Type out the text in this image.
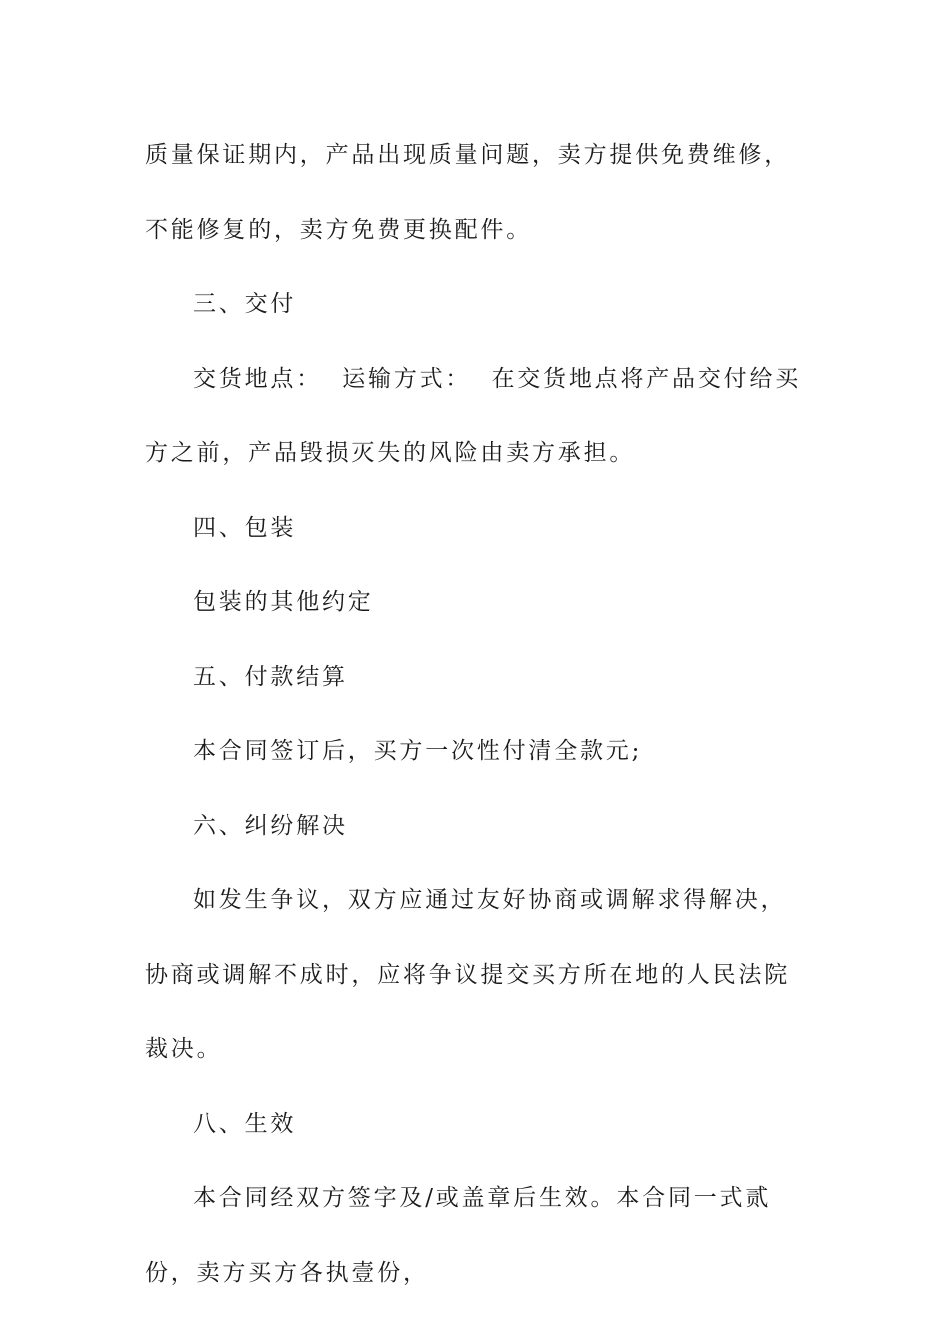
质量保证期内，产品出现质量问题，卖方提供免费维修，不能修复的，卖方免费更换配件。

三、交付

交货地点：  运输方式：  在交货地点将产品交付给买方之前，产品毁损灭失的风险由卖方承担。

四、包装

包装的其他约定

五、付款结算

本合同签订后，买方一次性付清全款元;

六、纠纷解决

如发生争议，双方应通过友好协商或调解求得解决，协商或调解不成时，应将争议提交买方所在地的人民法院裁决。

八、生效

本合同经双方签字及/或盖章后生效。本合同一式贰份，卖方买方各执壹份，
